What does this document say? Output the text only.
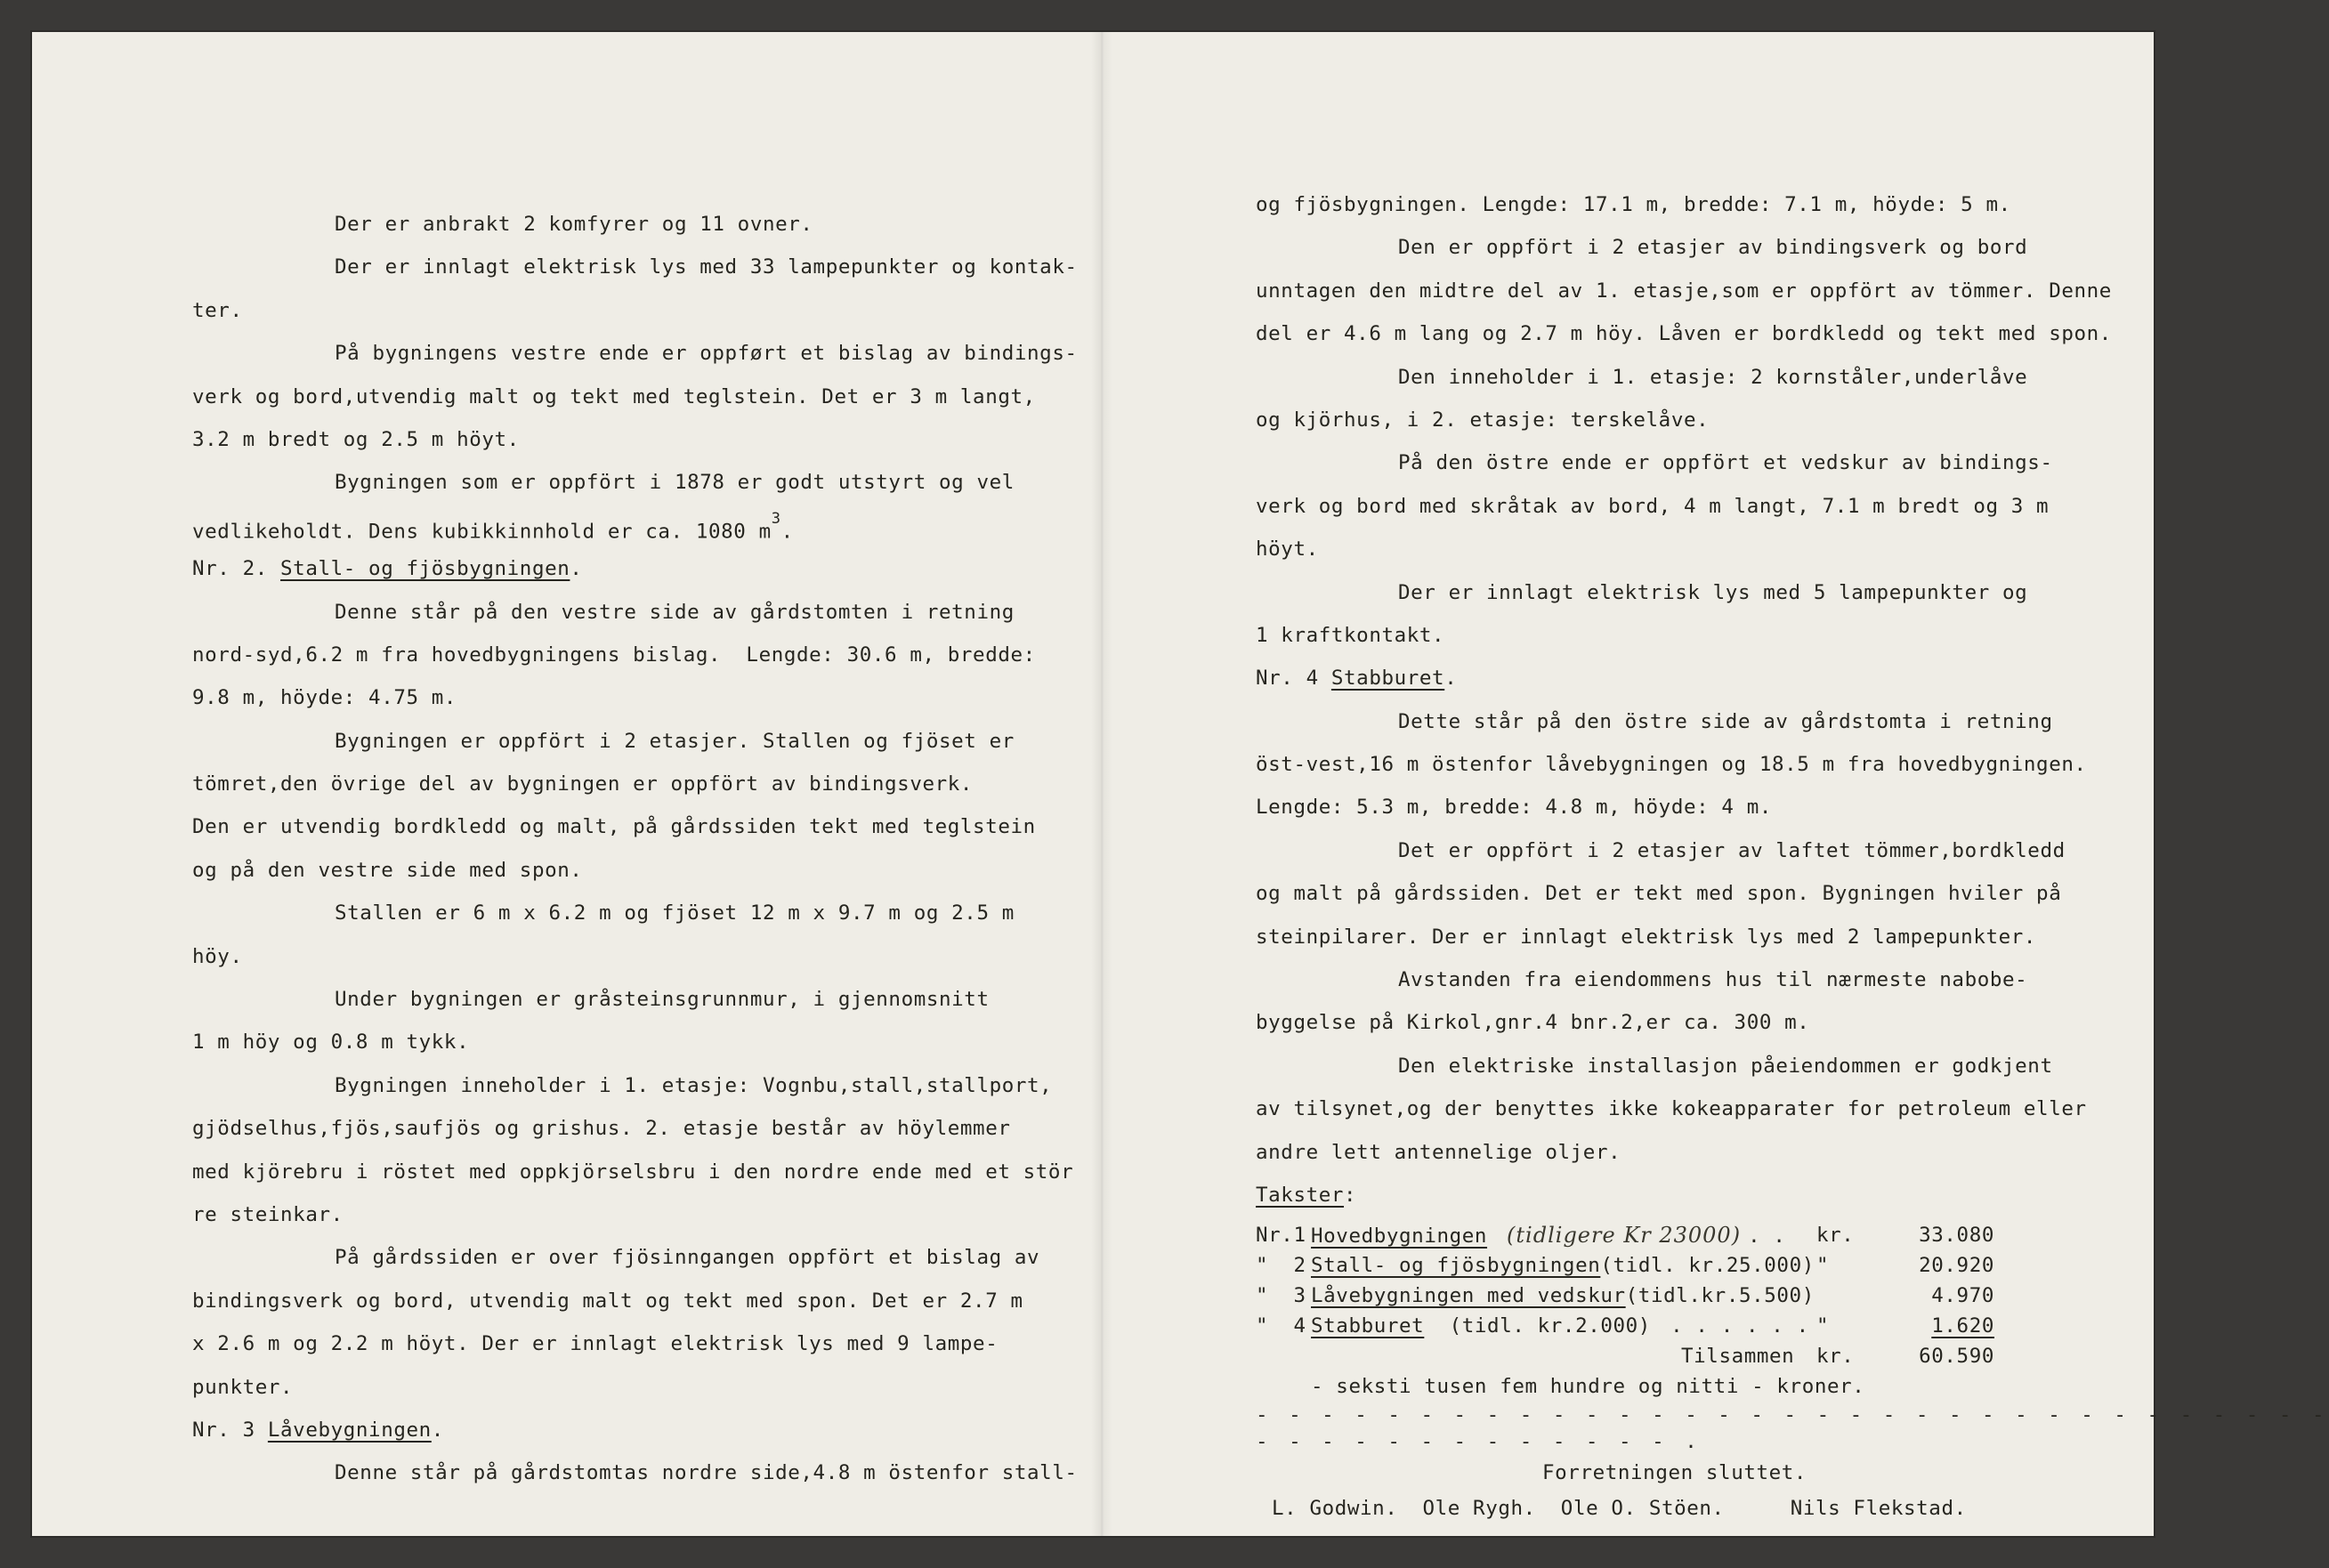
Der er anbrakt 2 komfyrer og 11 ovner.
Der er innlagt elektrisk lys med 33 lampepunkter og kontak-
ter.
På bygningens vestre ende er oppført et bislag av bindings-
verk og bord,utvendig malt og tekt med teglstein. Det er 3 m langt,
3.2 m bredt og 2.5 m höyt.
Bygningen som er oppfört i 1878 er godt utstyrt og vel
vedlikeholdt. Dens kubikkinnhold er ca. 1080 $m^3$.
Nr. 2. Stall- og fjösbygningen.
Denne står på den vestre side av gårdstomten i retning
nord-syd,6.2 m fra hovedbygningens bislag.  Lengde: 30.6 m, bredde:
9.8 m, höyde: 4.75 m.
Bygningen er oppfört i 2 etasjer. Stallen og fjöset er
tömret,den övrige del av bygningen er oppfört av bindingsverk.
Den er utvendig bordkledd og malt, på gårdssiden tekt med teglstein
og på den vestre side med spon.
Stallen er 6 m x 6.2 m og fjöset 12 m x 9.7 m og 2.5 m
höy.
Under bygningen er gråsteinsgrunnmur, i gjennomsnitt
1 m höy og 0.8 m tykk.
Bygningen inneholder i 1. etasje: Vognbu,stall,stallport,
gjödselhus,fjös,saufjös og grishus. 2. etasje består av höylemmer
med kjörebru i röstet med oppkjörselsbru i den nordre ende med et stör
re steinkar.
På gårdssiden er over fjösinngangen oppfört et bislag av
bindingsverk og bord, utvendig malt og tekt med spon. Det er 2.7 m
x 2.6 m og 2.2 m höyt. Der er innlagt elektrisk lys med 9 lampe-
punkter.
Nr. 3 Låvebygningen.
Denne står på gårdstomtas nordre side,4.8 m östenfor stall-
og fjösbygningen. Lengde: 17.1 m, bredde: 7.1 m, höyde: 5 m.
Den er oppfört i 2 etasjer av bindingsverk og bord
unntagen den midtre del av 1. etasje,som er oppfört av tömmer. Denne
del er 4.6 m lang og 2.7 m höy. Låven er bordkledd og tekt med spon.
Den inneholder i 1. etasje: 2 kornståler,underlåve
og kjörhus, i 2. etasje: terskelåve.
På den östre ende er oppfört et vedskur av bindings-
verk og bord med skråtak av bord, 4 m langt, 7.1 m bredt og 3 m
höyt.
Der er innlagt elektrisk lys med 5 lampepunkter og
1 kraftkontakt.
Nr. 4 Stabburet.
Dette står på den östre side av gårdstomta i retning
öst-vest,16 m östenfor låvebygningen og 18.5 m fra hovedbygningen.
Lengde: 5.3 m, bredde: 4.8 m, höyde: 4 m.
Det er oppfört i 2 etasjer av laftet tömmer,bordkledd
og malt på gårdssiden. Det er tekt med spon. Bygningen hviler på
steinpilarer. Der er innlagt elektrisk lys med 2 lampepunkter.
Avstanden fra eiendommens hus til nærmeste nabobe-
byggelse på Kirkol,gnr.4 bnr.2,er ca. 300 m.
Den elektriske installasjon påeiendommen er godkjent
av tilsynet,og der benyttes ikke kokeapparater for petroleum eller
andre lett antennelige oljer.
Takster:
Nr.1 Hovedbygningen (tidligere Kr 23000) . .	kr.	33.080
"  2 Stall- og fjösbygningen(tidl. kr.25.000) "	20.920
"  3 Låvebygningen med vedskur(tidl.kr.5.500)	4.970
"  4 Stabburet  (tidl. kr.2.000) . . . . . . "	1.620
Tilsammen	kr.	60.590
- seksti tusen fem hundre og nitti - kroner.
- - - - - - - - - - - - - - - - - - - - - - - - - - - - - - - - -
- - - - - - - - - - - - - .
Forretningen sluttet.
L. Godwin. Ole Rygh. Ole O. Stöen.	Nils Flekstad.
